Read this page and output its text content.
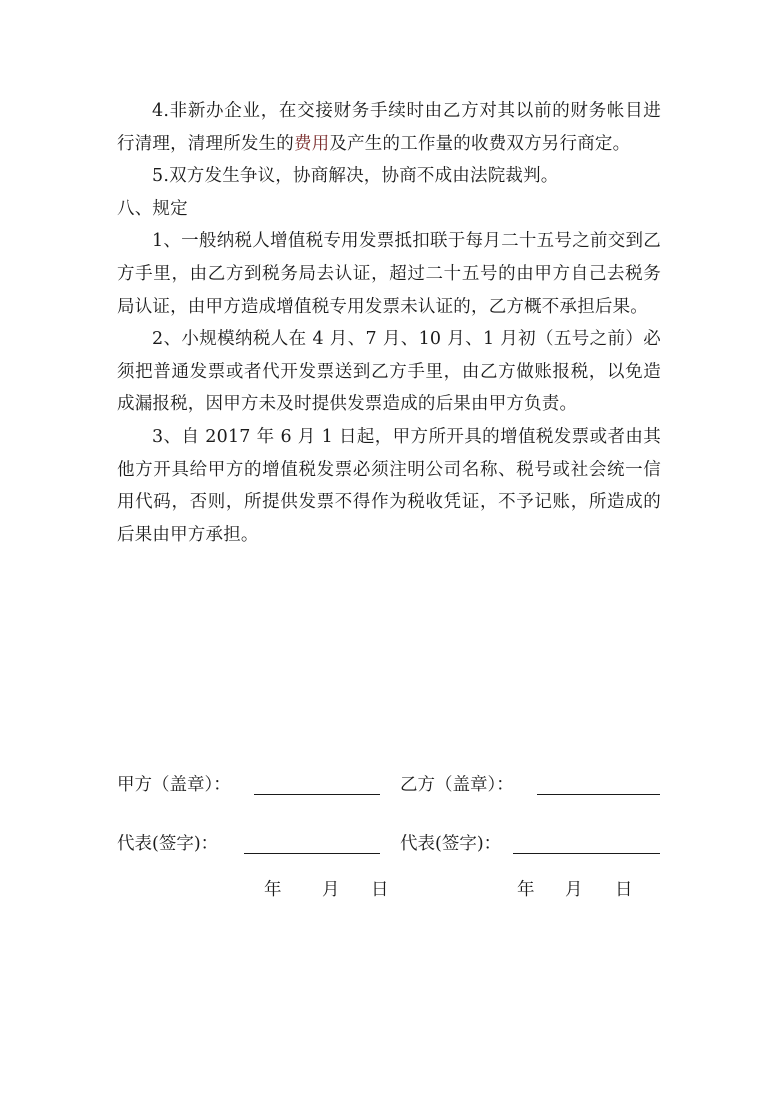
4.非新办企业，在交接财务手续时由乙方对其以前的财务帐目进行清理，清理所发生的费用及产生的工作量的收费双方另行商定。

5.双方发生争议，协商解决，协商不成由法院裁判。

八、规定

1、一般纳税人增值税专用发票抵扣联于每月二十五号之前交到乙方手里，由乙方到税务局去认证，超过二十五号的由甲方自己去税务局认证，由甲方造成增值税专用发票未认证的，乙方概不承担后果。

2、小规模纳税人在 4 月、7 月、10 月、1 月初（五号之前）必须把普通发票或者代开发票送到乙方手里，由乙方做账报税，以免造成漏报税，因甲方未及时提供发票造成的后果由甲方负责。

3、自 2017 年 6 月 1 日起，甲方所开具的增值税发票或者由其他方开具给甲方的增值税发票必须注明公司名称、税号或社会统一信用代码，否则，所提供发票不得作为税收凭证，不予记账，所造成的后果由甲方承担。

甲方（盖章）：	乙方（盖章）：
代表(签字)：	代表(签字)：
年 月 日	年 月 日
